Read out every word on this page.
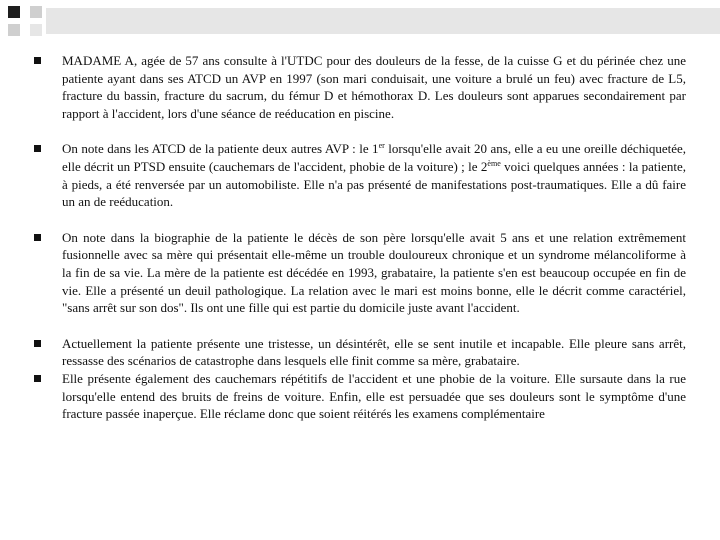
MADAME A, agée de 57 ans consulte à l'UTDC pour des douleurs de la fesse, de la cuisse G et du périnée chez une patiente ayant dans ses ATCD un AVP en 1997 (son mari conduisait, une voiture a brulé un feu) avec fracture de L5, fracture du bassin, fracture du sacrum, du fémur D et hémothorax D. Les douleurs sont apparues secondairement par rapport à l'accident, lors d'une séance de reéducation en piscine.
On note dans les ATCD de la patiente deux autres AVP : le 1er lorsqu'elle avait 20 ans, elle a eu une oreille déchiquetée, elle décrit un PTSD ensuite (cauchemars de l'accident, phobie de la voiture) ; le 2ème voici quelques années : la patiente, à pieds, a été renversée par un automobiliste. Elle n'a pas présenté de manifestations post-traumatiques. Elle a dû faire un an de reéducation.
On note dans la biographie de la patiente le décès de son père lorsqu'elle avait 5 ans et une relation extrêmement fusionnelle avec sa mère qui présentait elle-même un trouble douloureux chronique et un syndrome mélancoliforme à la fin de sa vie. La mère de la patiente est décédée en 1993, grabataire, la patiente s'en est beaucoup occupée en fin de vie. Elle a présenté un deuil pathologique. La relation avec le mari est moins bonne, elle le décrit comme caractériel, "sans arrêt sur son dos". Ils ont une fille qui est partie du domicile juste avant l'accident.
Actuellement la patiente présente une tristesse, un désintérêt, elle se sent inutile et incapable. Elle pleure sans arrêt, ressasse des scénarios de catastrophe dans lesquels elle finit comme sa mère, grabataire.
Elle présente également des cauchemars répétitifs de l'accident et une phobie de la voiture. Elle sursaute dans la rue lorsqu'elle entend des bruits de freins de voiture. Enfin, elle est persuadée que ses douleurs sont le symptôme d'une fracture passée inaperçue. Elle réclame donc que soient réitérés les examens complémentaire
